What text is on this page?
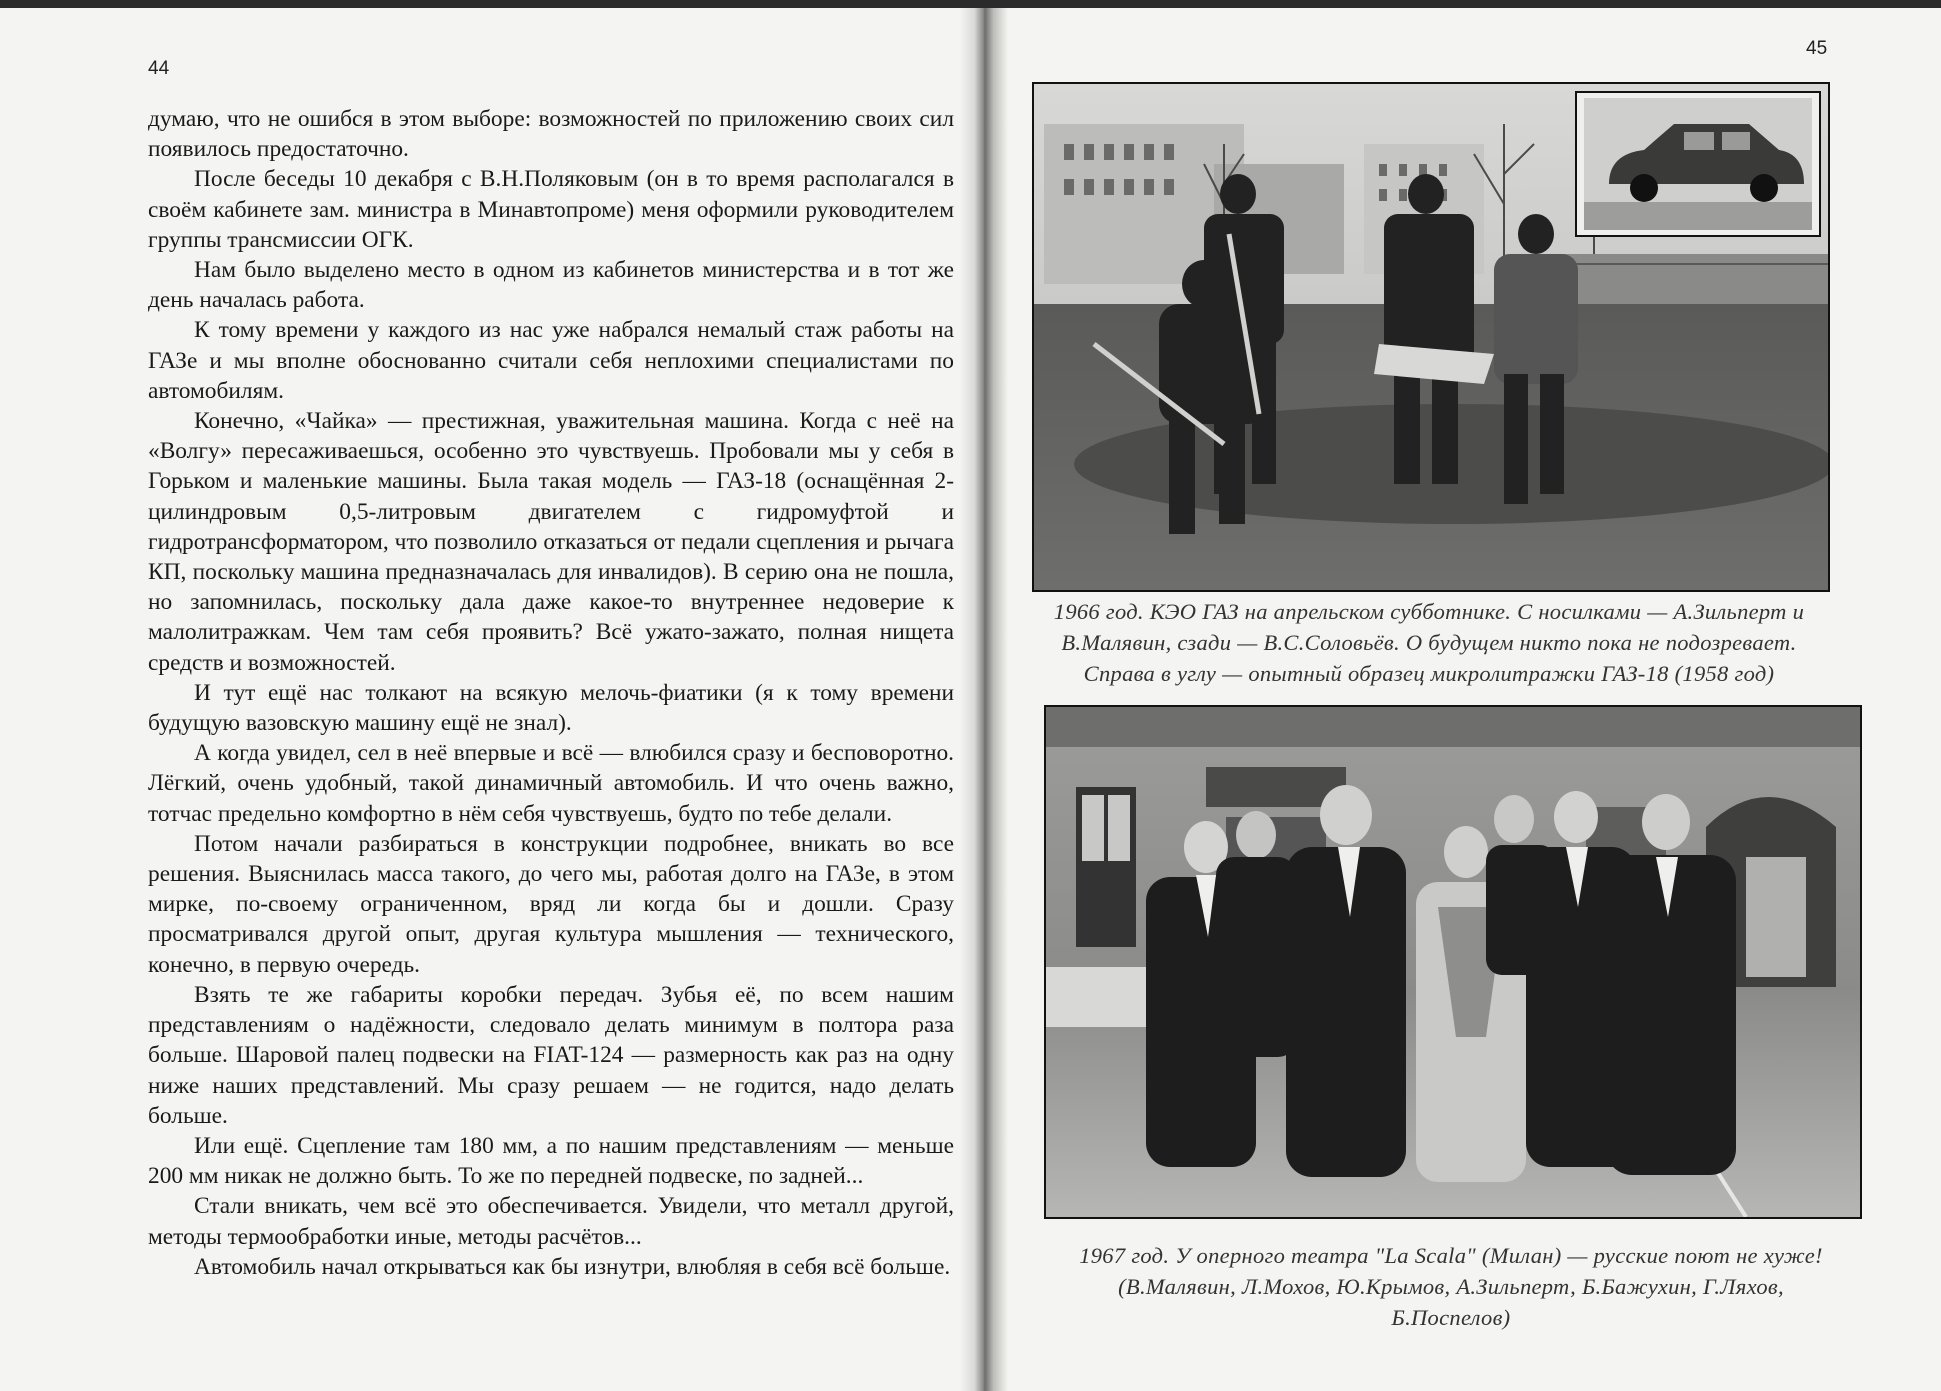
44

думаю, что не ошибся в этом выборе: возможностей по приложению своих сил появилось предостаточно.

После беседы 10 декабря с В.Н.Поляковым (он в то время располагался в своём кабинете зам. министра в Минавтопроме) меня оформили руководителем группы трансмиссии ОГК.

Нам было выделено место в одном из кабинетов министерства и в тот же день началась работа.

К тому времени у каждого из нас уже набрался немалый стаж работы на ГАЗе и мы вполне обоснованно считали себя неплохими специалистами по автомобилям.

Конечно, «Чайка» — престижная, уважительная машина. Когда с неё на «Волгу» пересаживаешься, особенно это чувствуешь. Пробовали мы у себя в Горьком и маленькие машины. Была такая модель — ГАЗ-18 (оснащённая 2-цилиндровым 0,5-литровым двигателем с гидромуфтой и гидротрансформатором, что позволило отказаться от педали сцепления и рычага КП, поскольку машина предназначалась для инвалидов). В серию она не пошла, но запомнилась, поскольку дала даже какое-то внутреннее недоверие к малолитражкам. Чем там себя проявить? Всё ужато-зажато, полная нищета средств и возможностей.

И тут ещё нас толкают на всякую мелочь-фиатики (я к тому времени будущую вазовскую машину ещё не знал).

А когда увидел, сел в неё впервые и всё — влюбился сразу и бесповоротно. Лёгкий, очень удобный, такой динамичный автомобиль. И что очень важно, тотчас предельно комфортно в нём себя чувствуешь, будто по тебе делали.

Потом начали разбираться в конструкции подробнее, вникать во все решения. Выяснилась масса такого, до чего мы, работая долго на ГАЗе, в этом мирке, по-своему ограниченном, вряд ли когда бы и дошли. Сразу просматривался другой опыт, другая культура мышления — технического, конечно, в первую очередь.

Взять те же габариты коробки передач. Зубья её, по всем нашим представлениям о надёжности, следовало делать минимум в полтора раза больше. Шаровой палец подвески на FIAT-124 — размерность как раз на одну ниже наших представлений. Мы сразу решаем — не годится, надо делать больше.

Или ещё. Сцепление там 180 мм, а по нашим представлениям — меньше 200 мм никак не должно быть. То же по передней подвеске, по задней...

Стали вникать, чем всё это обеспечивается. Увидели, что металл другой, методы термообработки иные, методы расчётов...

Автомобиль начал открываться как бы изнутри, влюбляя в себя всё больше.

45
1966 год. КЭО ГАЗ на апрельском субботнике. С носилками — А.Зильперт и
В.Малявин, сзади — В.С.Соловьёв. О будущем никто пока не подозревает.
Справа в углу — опытный образец микролитражки ГАЗ-18 (1958 год)
1967 год. У оперного театра "La Scala" (Милан) — русские поют не хуже!
(В.Малявин, Л.Мохов, Ю.Крымов, А.Зильперт, Б.Бажухин, Г.Ляхов,
Б.Поспелов)
